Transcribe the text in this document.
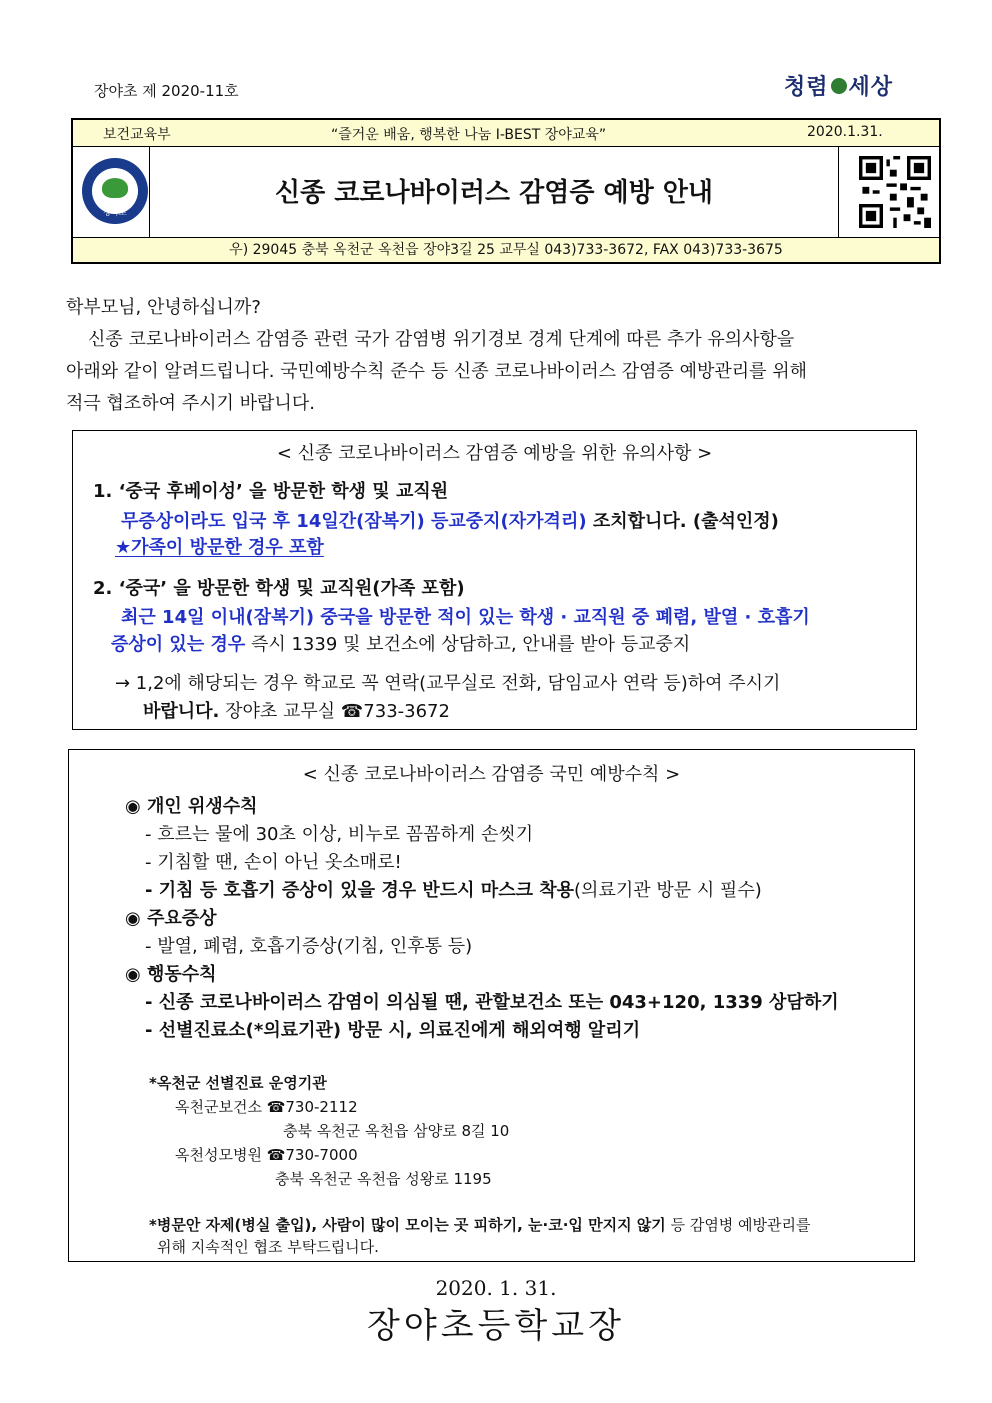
장야초 제 2020-11호	청렴 세상
보건교육부	“즐거운 배움, 행복한 나눔 I-BEST 장야교육”	2020.1.31.
장야초
신종 코로나바이러스 감염증 예방 안내
우) 29045 충북 옥천군 옥천읍 장야3길 25 교무실 043)733-3672, FAX 043)733-3675
학부모님, 안녕하십니까?
신종 코로나바이러스 감염증 관련 국가 감염병 위기경보 경계 단계에 따른 추가 유의사항을
아래와 같이 알려드립니다. 국민예방수칙 준수 등 신종 코로나바이러스 감염증 예방관리를 위해
적극 협조하여 주시기 바랍니다.
< 신종 코로나바이러스 감염증 예방을 위한 유의사항 >
1. ‘중국 후베이성’ 을 방문한 학생 및 교직원
무증상이라도 입국 후 14일간(잠복기) 등교중지(자가격리) 조치합니다. (출석인정)
★가족이 방문한 경우 포함
2. ‘중국’ 을 방문한 학생 및 교직원(가족 포함)
최근 14일 이내(잠복기) 중국을 방문한 적이 있는 학생 · 교직원 중 폐렴, 발열 · 호흡기
증상이 있는 경우 즉시 1339 및 보건소에 상담하고, 안내를 받아 등교중지
→ 1,2에 해당되는 경우 학교로 꼭 연락(교무실로 전화, 담임교사 연락 등)하여 주시기
바랍니다. 장야초 교무실 ☎733-3672
< 신종 코로나바이러스 감염증 국민 예방수칙 >
◉ 개인 위생수칙
- 흐르는 물에 30초 이상, 비누로 꼼꼼하게 손씻기
- 기침할 땐, 손이 아닌 옷소매로!
- 기침 등 호흡기 증상이 있을 경우 반드시 마스크 착용(의료기관 방문 시 필수)
◉ 주요증상
- 발열, 폐렴, 호흡기증상(기침, 인후통 등)
◉ 행동수칙
- 신종 코로나바이러스 감염이 의심될 땐, 관할보건소 또는 043+120, 1339 상담하기
- 선별진료소(*의료기관) 방문 시, 의료진에게 해외여행 알리기
*옥천군 선별진료 운영기관
옥천군보건소 ☎730-2112
충북 옥천군 옥천읍 삼양로 8길 10
옥천성모병원 ☎730-7000
충북 옥천군 옥천읍 성왕로 1195
*병문안 자제(병실 출입), 사람이 많이 모이는 곳 피하기, 눈·코·입 만지지 않기 등 감염병 예방관리를
위해 지속적인 협조 부탁드립니다.
2020. 1. 31.
장야초등학교장
